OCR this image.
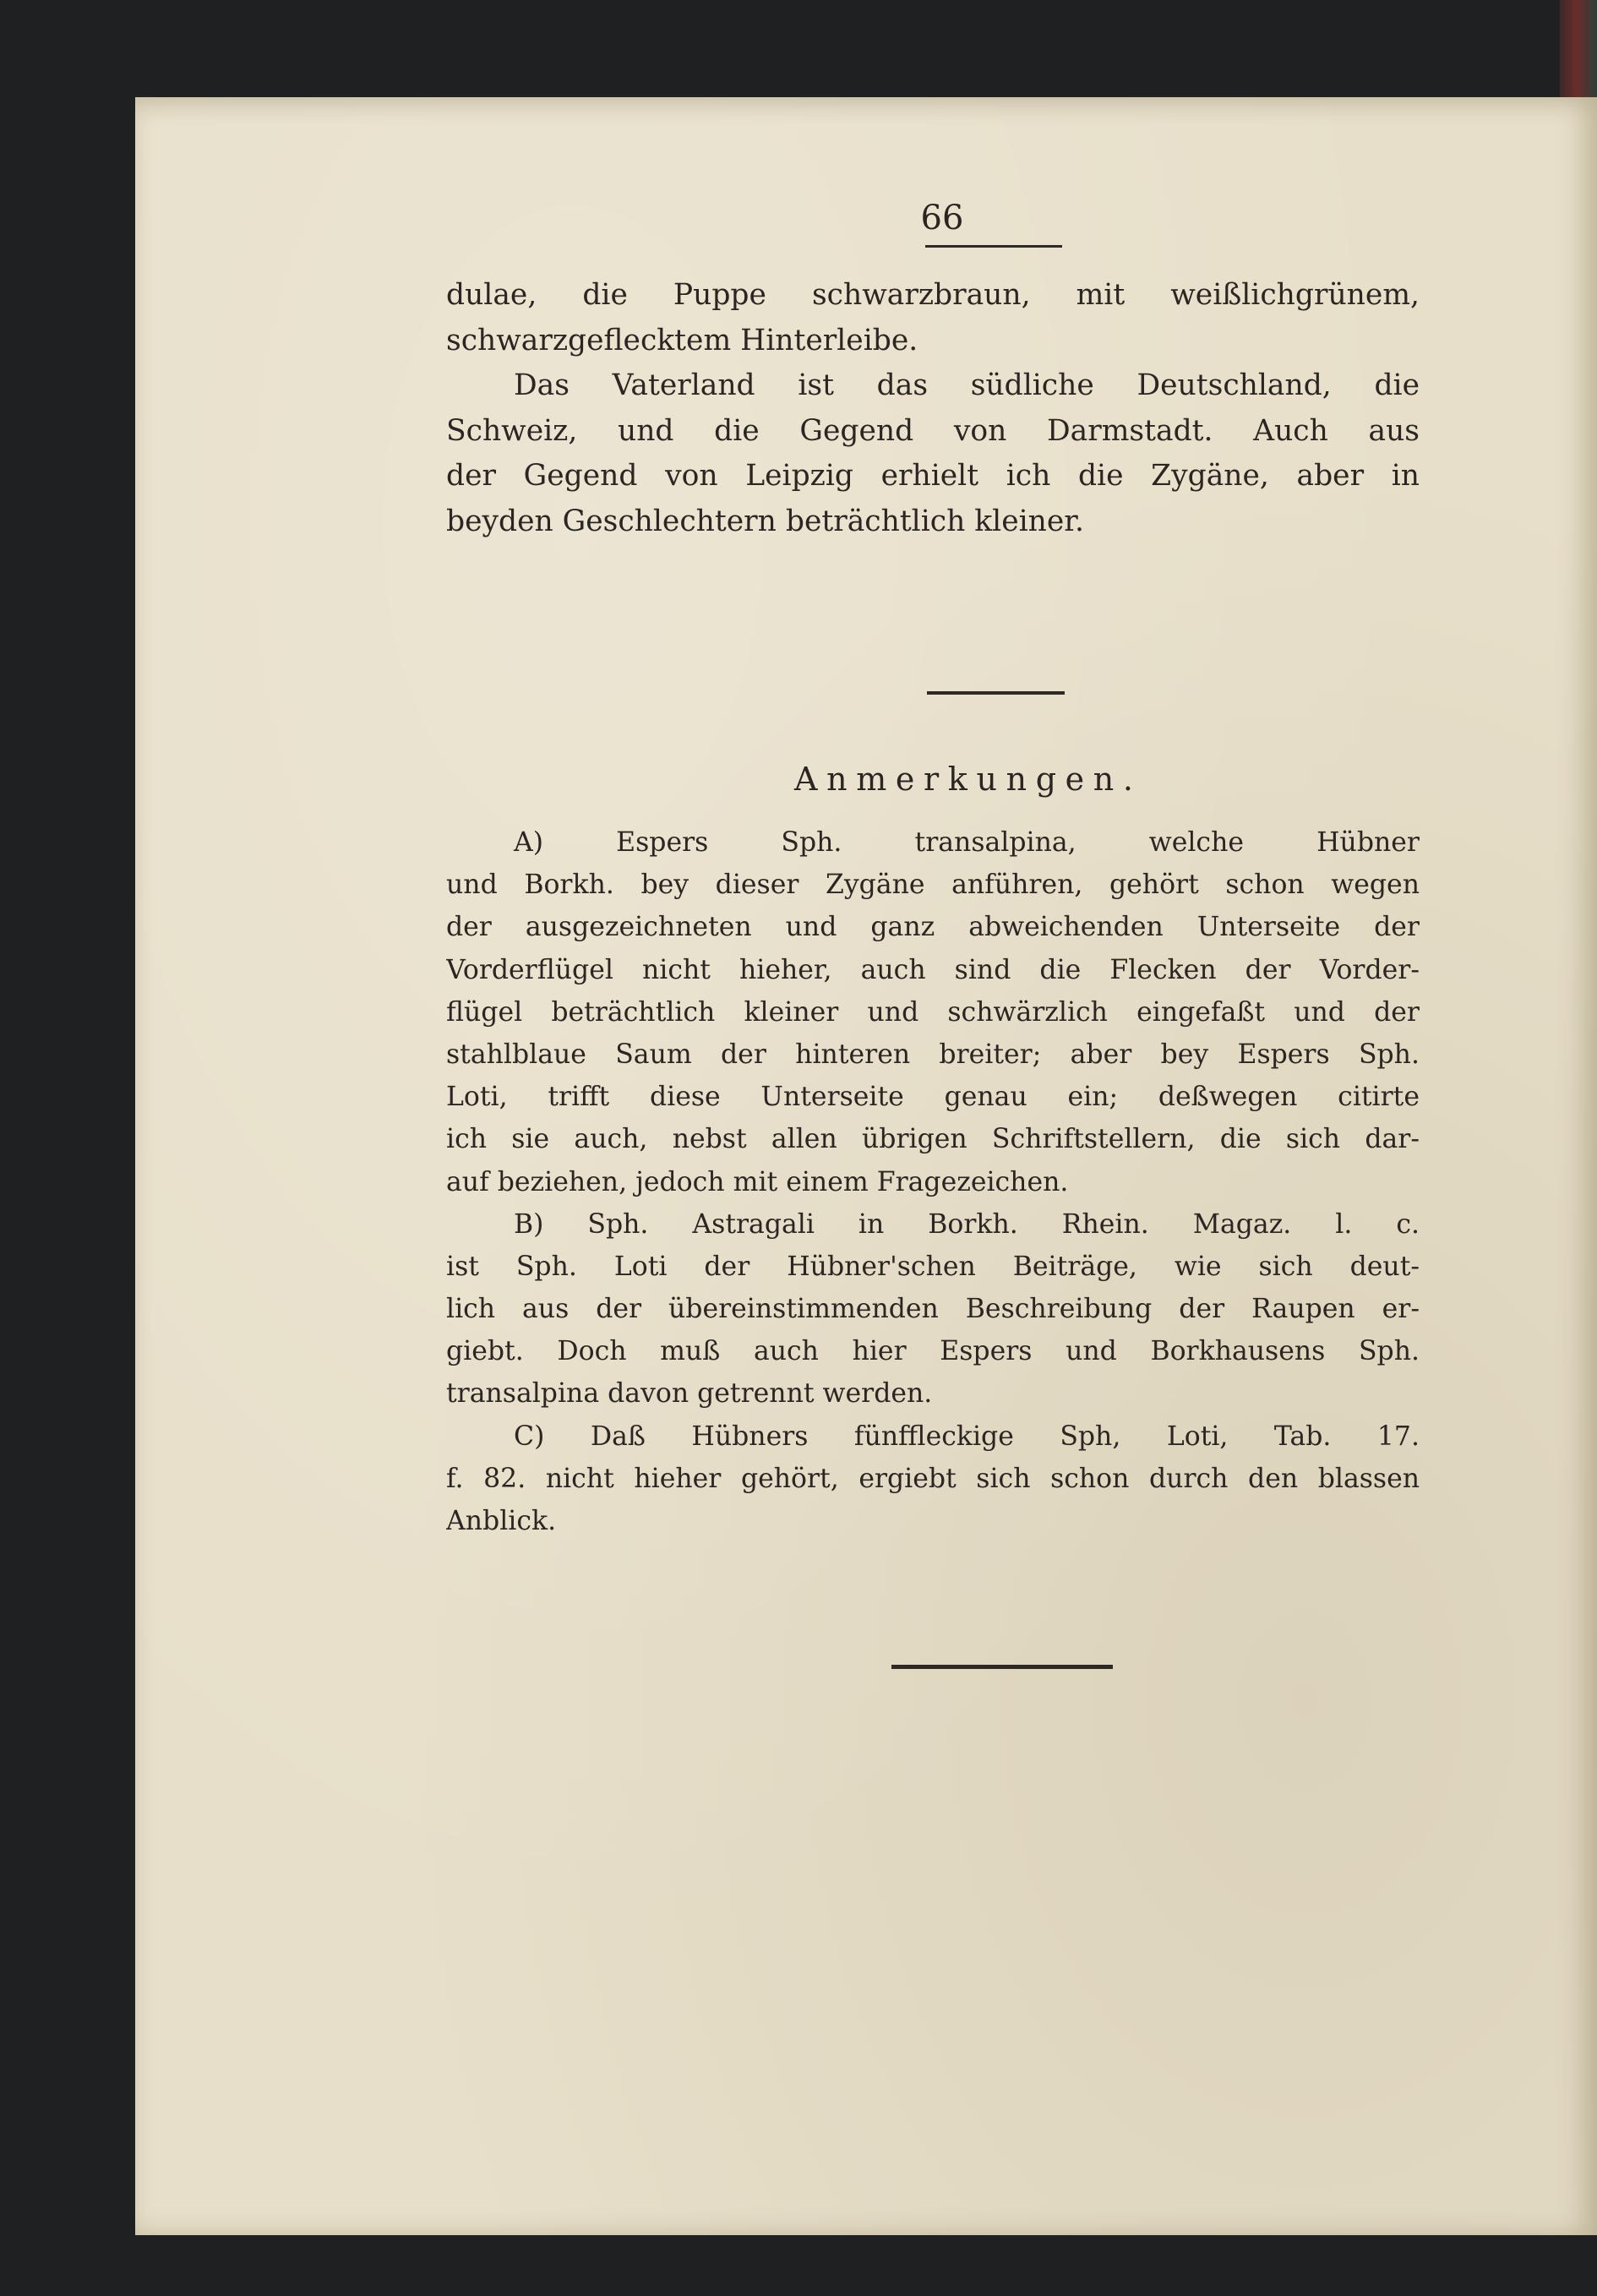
66

dulae, die Puppe schwarzbraun, mit weißlichgrünem,

schwarzgeflecktem Hinterleibe.

Das Vaterland ist das südliche Deutschland, die

Schweiz, und die Gegend von Darmstadt. Auch aus

der Gegend von Leipzig erhielt ich die Zygäne, aber in

beyden Geschlechtern beträchtlich kleiner.

Anmerkungen.

A) Espers Sph. transalpina, welche Hübner

und Borkh. bey dieser Zygäne anführen, gehört schon wegen

der ausgezeichneten und ganz abweichenden Unterseite der

Vorderflügel nicht hieher, auch sind die Flecken der Vorder-

flügel beträchtlich kleiner und schwärzlich eingefaßt und der

stahlblaue Saum der hinteren breiter; aber bey Espers Sph.

Loti, trifft diese Unterseite genau ein; deßwegen citirte

ich sie auch, nebst allen übrigen Schriftstellern, die sich dar-

auf beziehen, jedoch mit einem Fragezeichen.

B) Sph. Astragali in Borkh. Rhein. Magaz. l. c.

ist Sph. Loti der Hübner'schen Beiträge, wie sich deut-

lich aus der übereinstimmenden Beschreibung der Raupen er-

giebt. Doch muß auch hier Espers und Borkhausens Sph.

transalpina davon getrennt werden.

C) Daß Hübners fünffleckige Sph, Loti, Tab. 17.

f. 82. nicht hieher gehört, ergiebt sich schon durch den blassen

Anblick.
